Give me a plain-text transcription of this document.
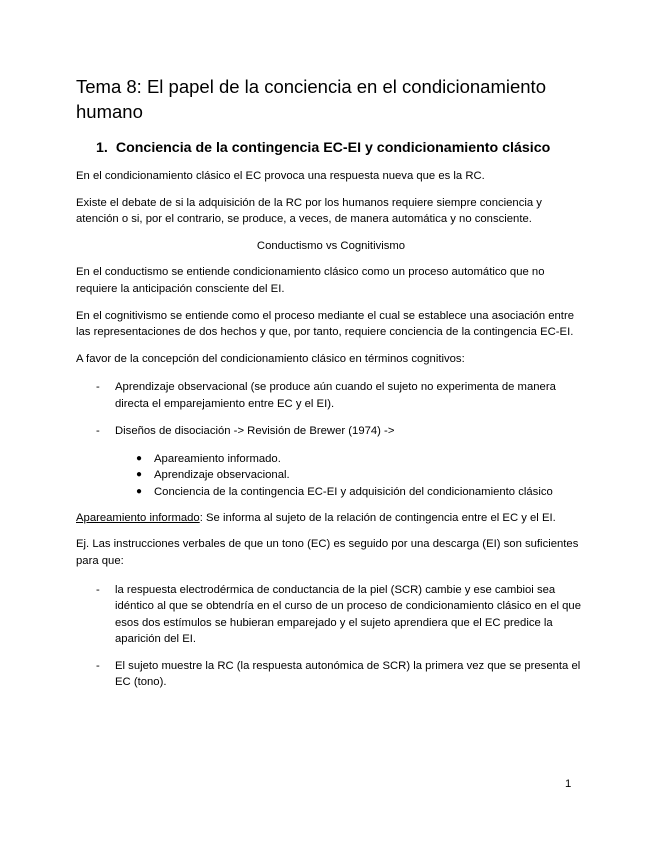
Tema 8: El papel de la conciencia en el condicionamiento humano
1. Conciencia de la contingencia EC-EI y condicionamiento clásico

En el condicionamiento clásico el EC provoca una respuesta nueva que es la RC.

Existe el debate de si la adquisición de la RC por los humanos requiere siempre conciencia y atención o si, por el contrario, se produce, a veces, de manera automática y no consciente.

Conductismo vs Cognitivismo

En el conductismo se entiende condicionamiento clásico como un proceso automático que no requiere la anticipación consciente del EI.

En el cognitivismo se entiende como el proceso mediante el cual se establece una asociación entre las representaciones de dos hechos y que, por tanto, requiere conciencia de la contingencia EC-EI.

A favor de la concepción del condicionamiento clásico en términos cognitivos:

- Aprendizaje observacional (se produce aún cuando el sujeto no experimenta de manera directa el emparejamiento entre EC y el EI).
- Diseños de disociación -> Revisión de Brewer (1974) ->
● Apareamiento informado.
● Aprendizaje observacional.
● Conciencia de la contingencia EC-EI y adquisición del condicionamiento clásico

Apareamiento informado: Se informa al sujeto de la relación de contingencia entre el EC y el EI.

Ej. Las instrucciones verbales de que un tono (EC) es seguido por una descarga (EI) son suficientes para que:

- la respuesta electrodérmica de conductancia de la piel (SCR) cambie y ese cambioi sea idéntico al que se obtendría en el curso de un proceso de condicionamiento clásico en el que esos dos estímulos se hubieran emparejado y el sujeto aprendiera que el EC predice la aparición del EI.
- El sujeto muestre la RC (la respuesta autonómica de SCR) la primera vez que se presenta el EC (tono).
1
